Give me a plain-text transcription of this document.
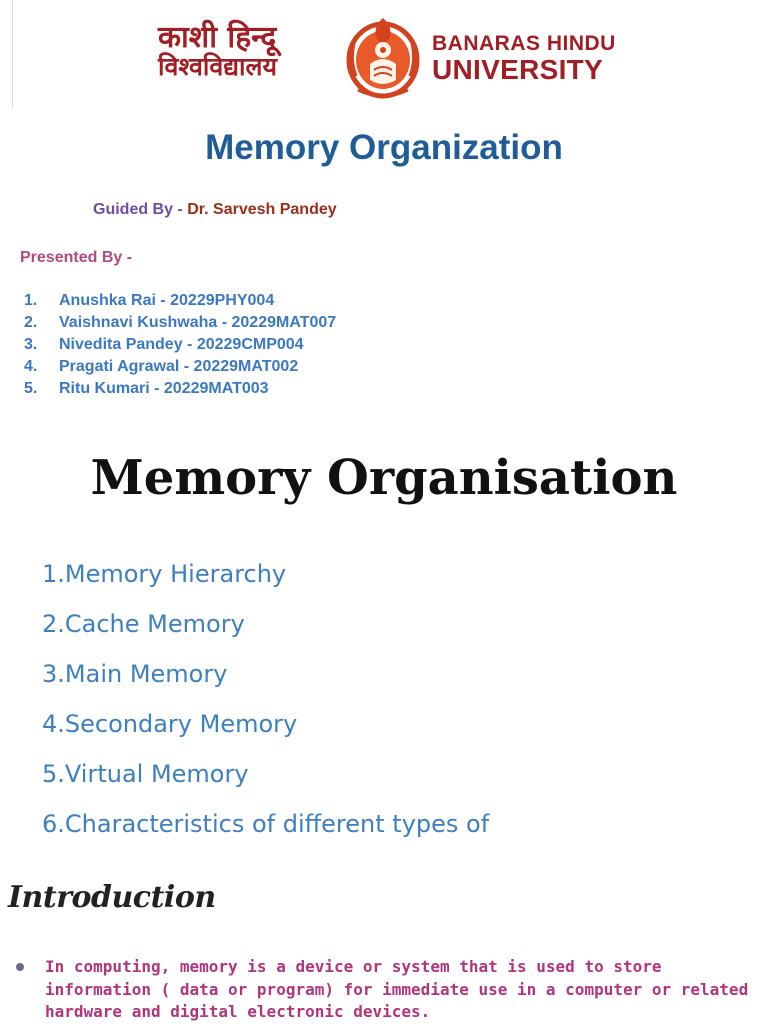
काशी हिन्दू
विश्वविद्यालय
BANARAS HINDU
UNIVERSITY
Memory Organization
Guided By - Dr. Sarvesh Pandey
Presented By -
1. Anushka Rai - 20229PHY004
2. Vaishnavi Kushwaha - 20229MAT007
3. Nivedita Pandey - 20229CMP004
4. Pragati Agrawal - 20229MAT002
5. Ritu Kumari - 20229MAT003
Memory Organisation
1.Memory Hierarchy
2.Cache Memory
3.Main Memory
4.Secondary Memory
5.Virtual Memory
6.Characteristics of different types of
Introduction
In computing, memory is a device or system that is used to store information ( data or program) for immediate use in a computer or related hardware and digital electronic devices.
